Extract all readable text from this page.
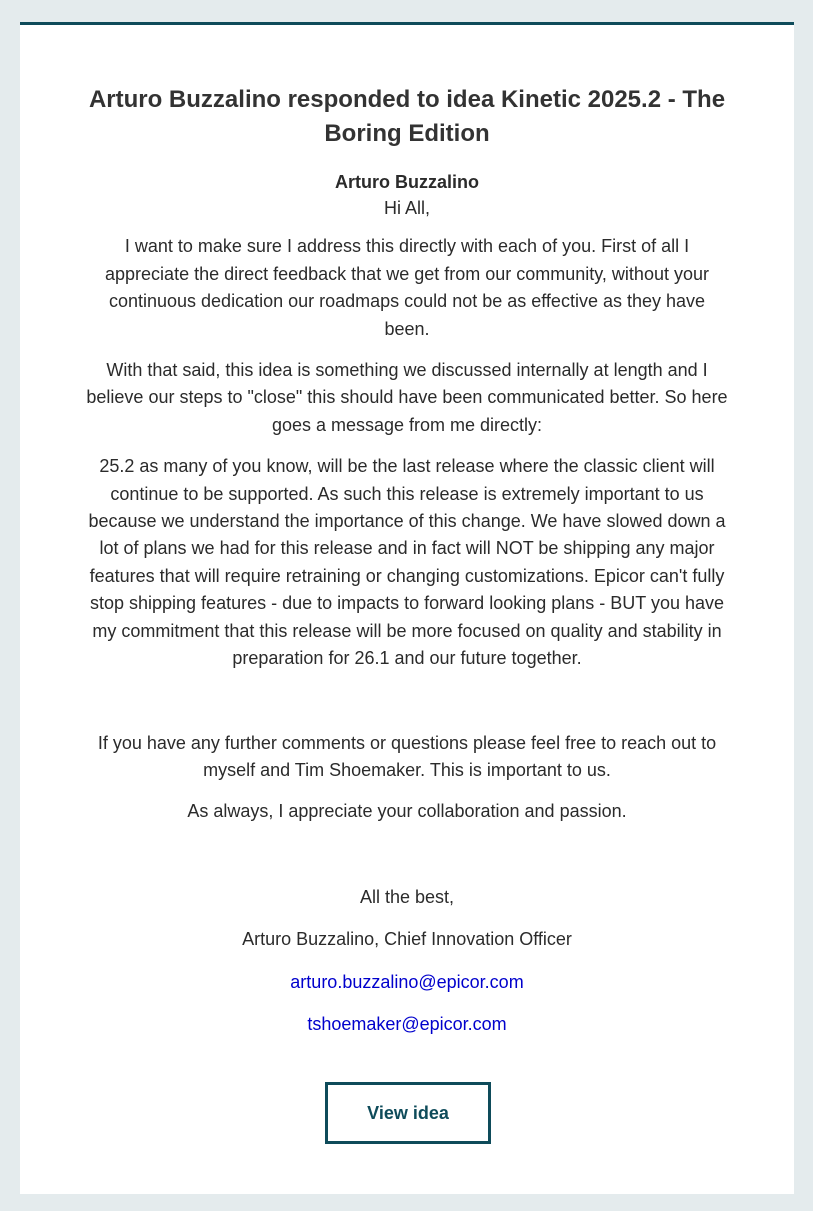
Arturo Buzzalino responded to idea Kinetic 2025.2 - The Boring Edition
Arturo Buzzalino

Hi All,

I want to make sure I address this directly with each of you. First of all I appreciate the direct feedback that we get from our community, without your continuous dedication our roadmaps could not be as effective as they have been.

With that said, this idea is something we discussed internally at length and I believe our steps to "close" this should have been communicated better. So here goes a message from me directly:

25.2 as many of you know, will be the last release where the classic client will continue to be supported. As such this release is extremely important to us because we understand the importance of this change. We have slowed down a lot of plans we had for this release and in fact will NOT be shipping any major features that will require retraining or changing customizations. Epicor can't fully stop shipping features - due to impacts to forward looking plans - BUT you have my commitment that this release will be more focused on quality and stability in preparation for 26.1 and our future together.

If you have any further comments or questions please feel free to reach out to myself and Tim Shoemaker. This is important to us.

As always, I appreciate your collaboration and passion.

All the best,

Arturo Buzzalino, Chief Innovation Officer

arturo.buzzalino@epicor.com

tshoemaker@epicor.com

View idea
